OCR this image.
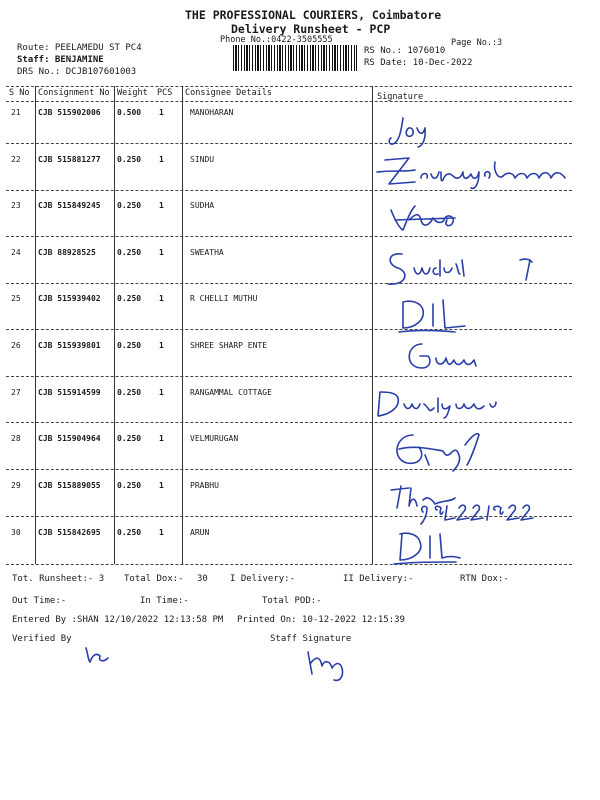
THE PROFESSIONAL COURIERS, Coimbatore
Delivery Runsheet - PCP
Phone No.:0422-3505555	Page No.:3
Route: PEELAMEDU ST PC4
Staff: BENJAMINE
DRS No.: DCJB107601003
RS No.: 1076010
RS Date: 10-Dec-2022
S No Consignment No Weight PCS Consignee Details	Signature
21 CJB 515902006 0.500 1	MANOHARAN
22 CJB 515881277 0.250 1	SINDU
23 CJB 515849245 0.250 1	SUDHA
24 CJB 88928525	0.250 1	SWEATHA
25 CJB 515939402 0.250 1	R CHELLI MUTHU
26 CJB 515939801 0.250 1	SHREE SHARP ENTE
27 CJB 515914599 0.250 1	RANGAMMAL COTTAGE
28 CJB 515904964 0.250 1	VELMURUGAN
29 CJB 515889055 0.250 1	PRABHU
30 CJB 515842695 0.250 1	ARUN
Tot. Runsheet:- 3 Total Dox:- 30 I Delivery:-	II Delivery:-	RTN Dox:-
Out Time:-	In Time:-	Total POD:-
Entered By :SHAN 12/10/2022 12:13:58 PM Printed On: 10-12-2022 12:15:39
Verified By	Staff Signature
